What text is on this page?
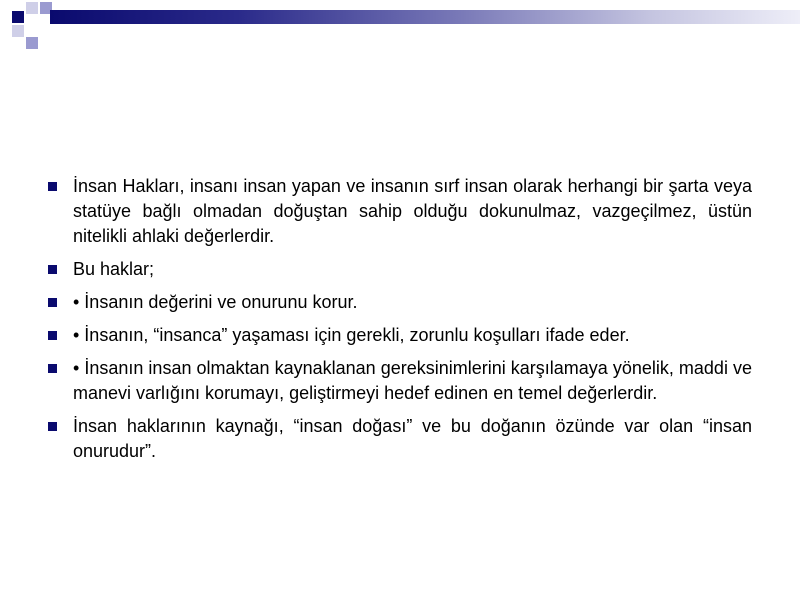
İnsan Hakları, insanı insan yapan ve insanın sırf insan olarak herhangi bir şarta veya statüye bağlı olmadan doğuştan sahip olduğu dokunulmaz, vazgeçilmez, üstün nitelikli ahlaki değerlerdir.
Bu haklar;
• İnsanın değerini ve onurunu korur.
• İnsanın, “insanca” yaşaması için gerekli, zorunlu koşulları ifade eder.
• İnsanın insan olmaktan kaynaklanan gereksinimlerini karşılamaya yönelik, maddi ve manevi varlığını korumayı, geliştirmeyi hedef edinen en temel değerlerdir.
İnsan haklarının kaynağı, “insan doğası” ve bu doğanın özünde var olan “insan onurudur”.
